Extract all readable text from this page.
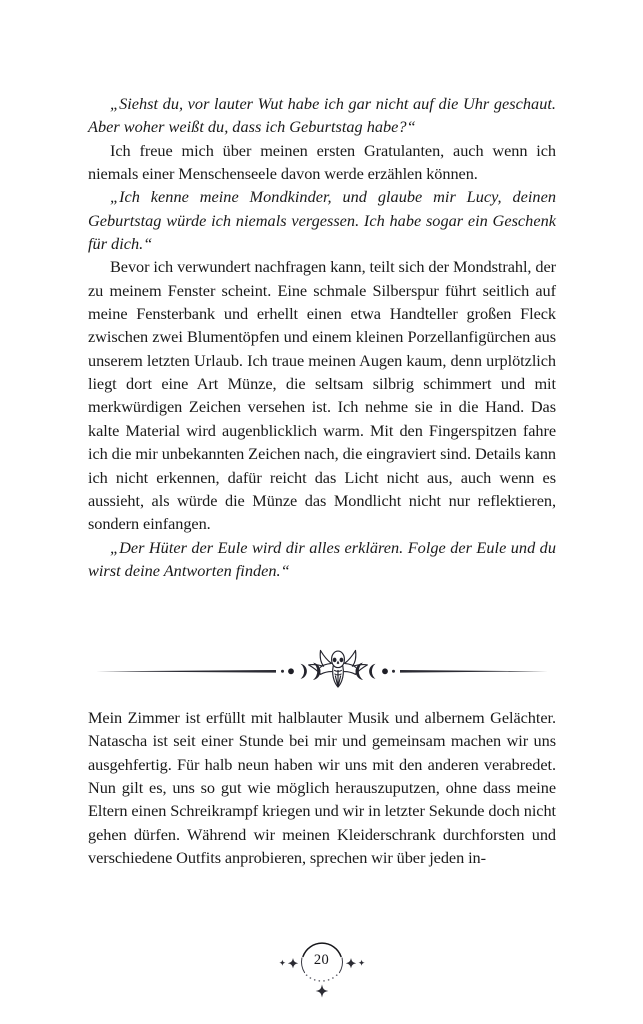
„Siehst du, vor lauter Wut habe ich gar nicht auf die Uhr geschaut. Aber woher weißt du, dass ich Geburtstag habe?“

Ich freue mich über meinen ersten Gratulanten, auch wenn ich niemals einer Menschenseele davon werde erzählen können.

„Ich kenne meine Mondkinder, und glaube mir Lucy, deinen Geburtstag würde ich niemals vergessen. Ich habe sogar ein Geschenk für dich.“

Bevor ich verwundert nachfragen kann, teilt sich der Mondstrahl, der zu meinem Fenster scheint. Eine schmale Silberspur führt seitlich auf meine Fensterbank und erhellt einen etwa Handteller großen Fleck zwischen zwei Blumentöpfen und einem kleinen Porzellanfigürchen aus unserem letzten Urlaub. Ich traue meinen Augen kaum, denn urplötzlich liegt dort eine Art Münze, die seltsam silbrig schimmert und mit merkwürdigen Zeichen versehen ist. Ich nehme sie in die Hand. Das kalte Material wird augenblicklich warm. Mit den Fingerspitzen fahre ich die mir unbekannten Zeichen nach, die eingraviert sind. Details kann ich nicht erkennen, dafür reicht das Licht nicht aus, auch wenn es aussieht, als würde die Münze das Mondlicht nicht nur reflektieren, sondern einfangen.

„Der Hüter der Eule wird dir alles erklären. Folge der Eule und du wirst deine Antworten finden.“

Mein Zimmer ist erfüllt mit halblauter Musik und albernem Gelächter. Natascha ist seit einer Stunde bei mir und gemeinsam machen wir uns ausgehfertig. Für halb neun haben wir uns mit den anderen verabredet. Nun gilt es, uns so gut wie möglich herauszuputzen, ohne dass meine Eltern einen Schreikrampf kriegen und wir in letzter Sekunde doch nicht gehen dürfen. Während wir meinen Kleiderschrank durchforsten und verschiedene Outfits anprobieren, sprechen wir über jeden in-

20
